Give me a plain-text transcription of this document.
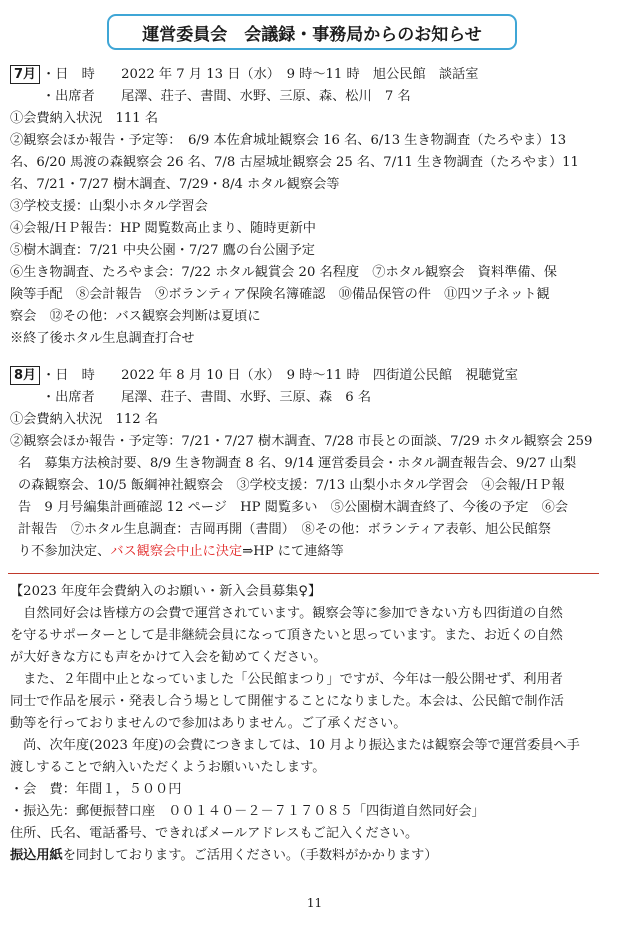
運営委員会　会議録・事務局からのお知らせ
7月 ・日　時　　2022 年 7 月 13 日（水）　9 時～11 時　旭公民館　談話室
・出席者　　尾澤、荘子、書間、水野、三原、森、松川　7 名
①会費納入状況　111 名
②観察会ほか報告・予定等：　6/9 本佐倉城址観察会 16 名、6/13 生き物調査（たろやま）13
名、6/20 馬渡の森観察会 26 名、7/8 古屋城址観察会 25 名、7/11 生き物調査（たろやま）11
名、7/21・7/27 樹木調査、7/29・8/4 ホタル観察会等
③学校支援：山梨小ホタル学習会
④会報/ＨＰ報告：HP 閲覧数高止まり、随時更新中
⑤樹木調査：7/21 中央公園・7/27 鷹の台公園予定
⑥生き物調査、たろやま会：7/22 ホタル観賞会 20 名程度　⑦ホタル観察会　資料準備、保
険等手配　⑧会計報告　⑨ボランティア保険名簿確認　⑩備品保管の件　⑪四ツ子ネット観
察会　⑫その他：バス観察会判断は夏頃に
※終了後ホタル生息調査打合せ
8月 ・日　時　　2022 年 8 月 10 日（水）　9 時～11 時　四街道公民館　視聴覚室
・出席者　　尾澤、荘子、書間、水野、三原、森　6 名
①会費納入状況　112 名
②観察会ほか報告・予定等：7/21・7/27 樹木調査、7/28 市長との面談、7/29 ホタル観察会 259
名　募集方法検討要、8/9 生き物調査 8 名、9/14 運営委員会・ホタル調査報告会、9/27 山梨
の森観察会、10/5 飯綱神社観察会　③学校支援：7/13 山梨小ホタル学習会　④会報/ＨＰ報
告　9 月号編集計画確認 12 ページ　HP 閲覧多い　⑤公園樹木調査終了、今後の予定　⑥会
計報告　⑦ホタル生息調査：吉岡再開（書間）　⑧その他：ボランティア表彰、旭公民館祭
り不参加決定、バス観察会中止に決定⇒HP にて連絡等
【2023 年度年会費納入のお願い・新入会員募集♀】
　自然同好会は皆様方の会費で運営されています。観察会等に参加できない方も四街道の自然
を守るサポーターとして是非継続会員になって頂きたいと思っています。また、お近くの自然
が大好きな方にも声をかけて入会を勧めてください。
　また、２年間中止となっていました「公民館まつり」ですが、今年は一般公開せず、利用者
同士で作品を展示・発表し合う場として開催することになりました。本会は、公民館で制作活
動等を行っておりませんので参加はありません。ご了承ください。
　尚、次年度(2023 年度)の会費につきましては、10 月より振込または観察会等で運営委員へ手
渡しすることで納入いただくようお願いいたします。
・会　費：年間１，５００円
・振込先：郵便振替口座　００１４０－２－７１７０８５「四街道自然同好会」
住所、氏名、電話番号、できればメールアドレスもご記入ください。
振込用紙を同封しております。ご活用ください。（手数料がかかります）
11
